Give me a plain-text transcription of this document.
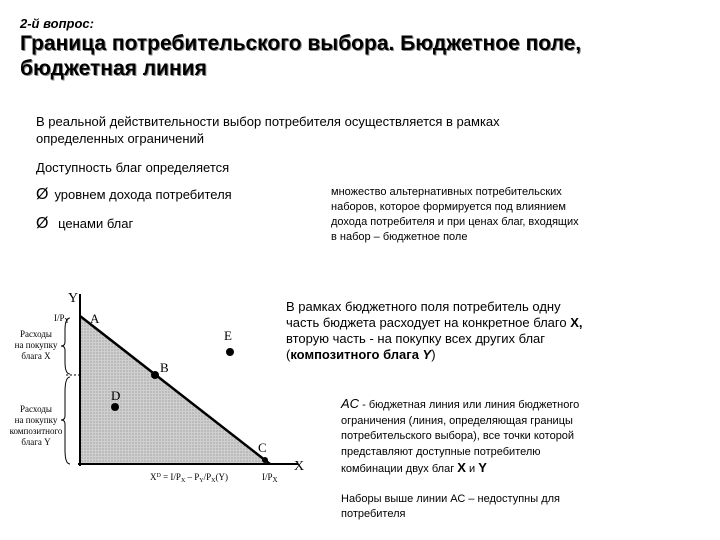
2-й вопрос:
Граница потребительского выбора. Бюджетное поле,
бюджетная линия
В реальной действительности выбор потребителя осуществляется в рамках
определенных ограничений
Доступность благ определяется
Ø уровнем дохода потребителя
Ø ценами благ
множество альтернативных потребительских
наборов, которое формируется под влиянием
дохода потребителя и при ценах благ, входящих
в набор – бюджетное поле
Y
X
$I/P_Y$
$I/P_X$
A
B
C
D
E
Расходы
на покупку
блага X
Расходы
на покупку
композитного
блага Y
$X^D = I/P_X - P_Y/P_X(Y)$
В рамках бюджетного поля потребитель одну
часть бюджета расходует на конкретное благо X,
вторую часть - на покупку всех других благ
(композитного блага Y)
AC - бюджетная линия или линия бюджетного
ограничения (линия, определяющая границы
потребительского выбора), все точки которой
представляют доступные потребителю
комбинации двух благ X и Y
Наборы выше линии АС – недоступны для
потребителя
